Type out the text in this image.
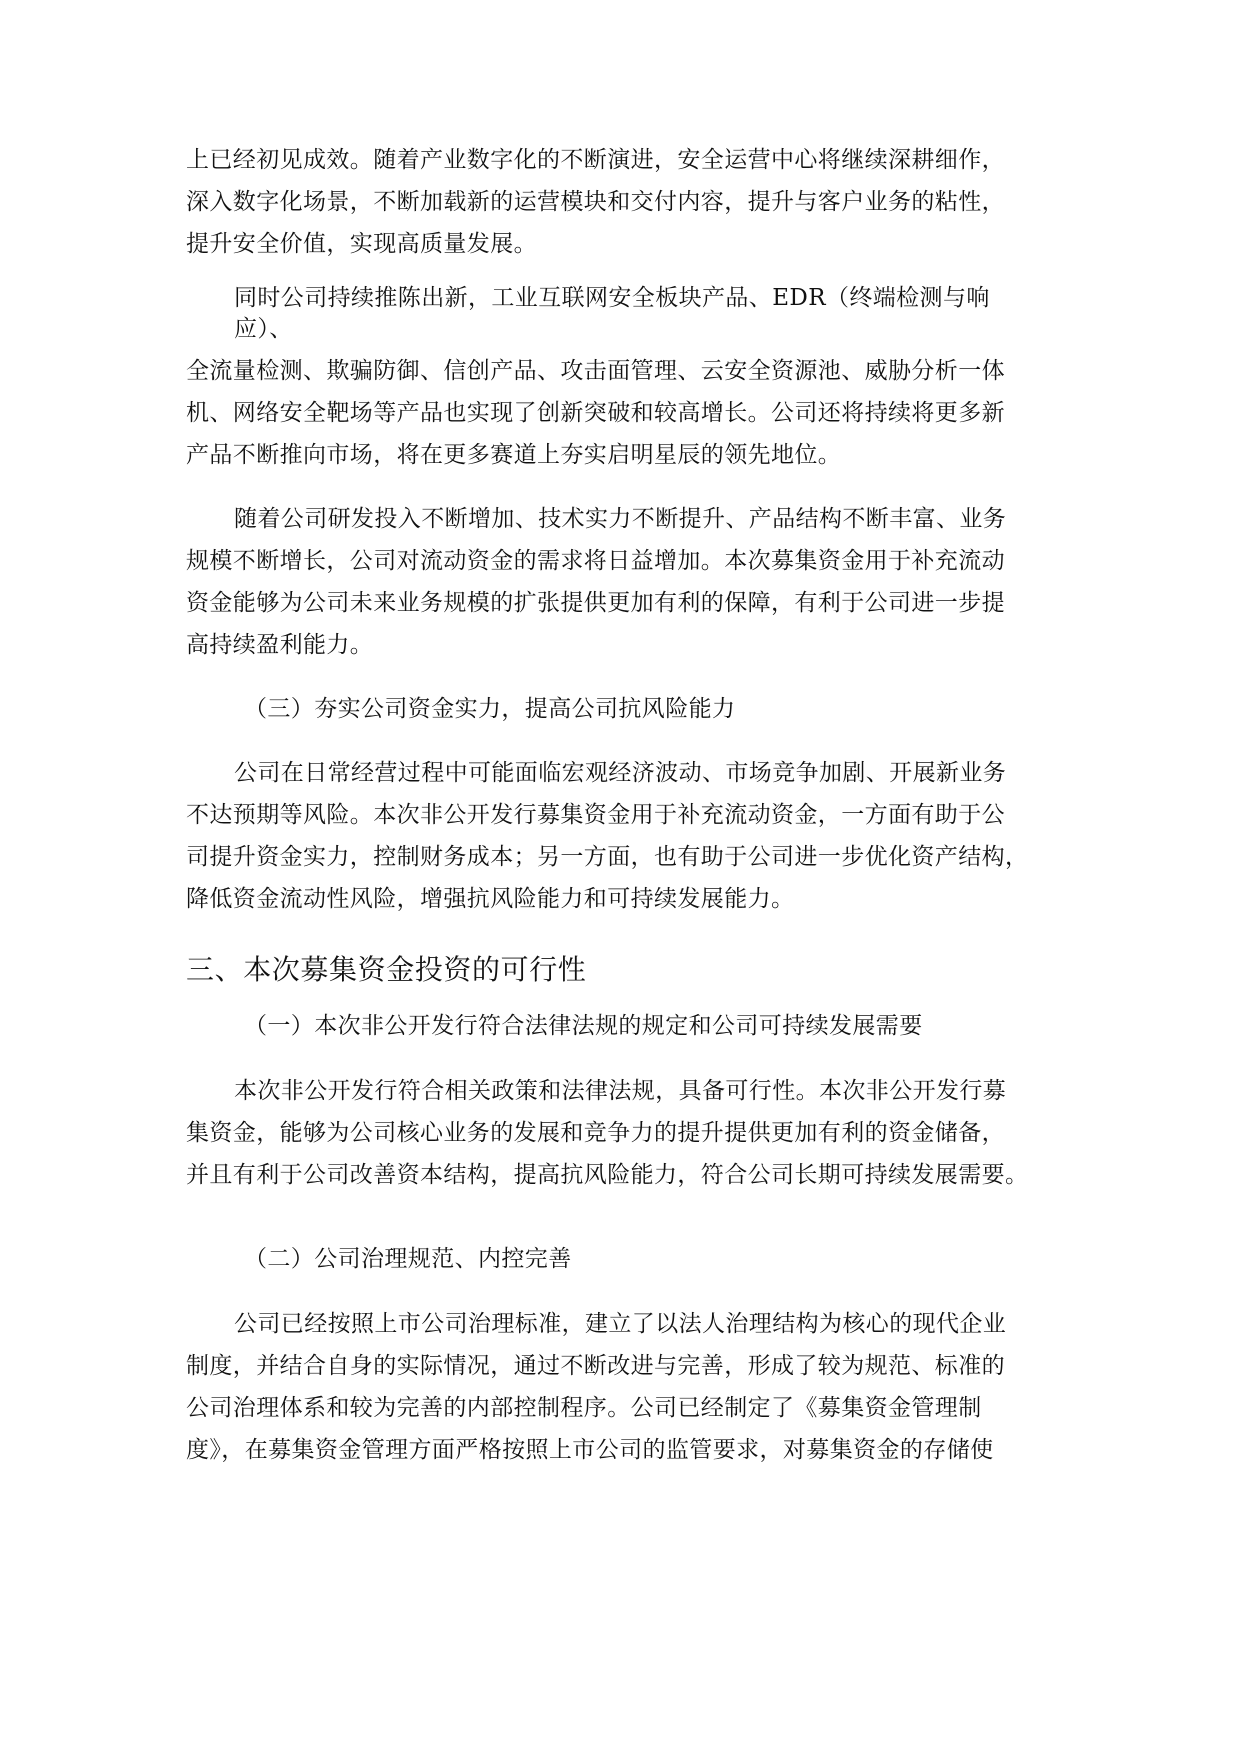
上已经初见成效。随着产业数字化的不断演进，安全运营中心将继续深耕细作，
深入数字化场景，不断加载新的运营模块和交付内容，提升与客户业务的粘性，
提升安全价值，实现高质量发展。
同时公司持续推陈出新，工业互联网安全板块产品、EDR（终端检测与响
应）、
全流量检测、欺骗防御、信创产品、攻击面管理、云安全资源池、威胁分析一体
机、网络安全靶场等产品也实现了创新突破和较高增长。公司还将持续将更多新
产品不断推向市场，将在更多赛道上夯实启明星辰的领先地位。
随着公司研发投入不断增加、技术实力不断提升、产品结构不断丰富、业务
规模不断增长，公司对流动资金的需求将日益增加。本次募集资金用于补充流动
资金能够为公司未来业务规模的扩张提供更加有利的保障，有利于公司进一步提
高持续盈利能力。
（三）夯实公司资金实力，提高公司抗风险能力
公司在日常经营过程中可能面临宏观经济波动、市场竞争加剧、开展新业务
不达预期等风险。本次非公开发行募集资金用于补充流动资金，一方面有助于公
司提升资金实力，控制财务成本；另一方面，也有助于公司进一步优化资产结构，
降低资金流动性风险，增强抗风险能力和可持续发展能力。
三、本次募集资金投资的可行性
（一）本次非公开发行符合法律法规的规定和公司可持续发展需要
本次非公开发行符合相关政策和法律法规，具备可行性。本次非公开发行募
集资金，能够为公司核心业务的发展和竞争力的提升提供更加有利的资金储备，
并且有利于公司改善资本结构，提高抗风险能力，符合公司长期可持续发展需要。
（二）公司治理规范、内控完善
公司已经按照上市公司治理标准，建立了以法人治理结构为核心的现代企业
制度，并结合自身的实际情况，通过不断改进与完善，形成了较为规范、标准的
公司治理体系和较为完善的内部控制程序。公司已经制定了《募集资金管理制
度》，在募集资金管理方面严格按照上市公司的监管要求，对募集资金的存储使
